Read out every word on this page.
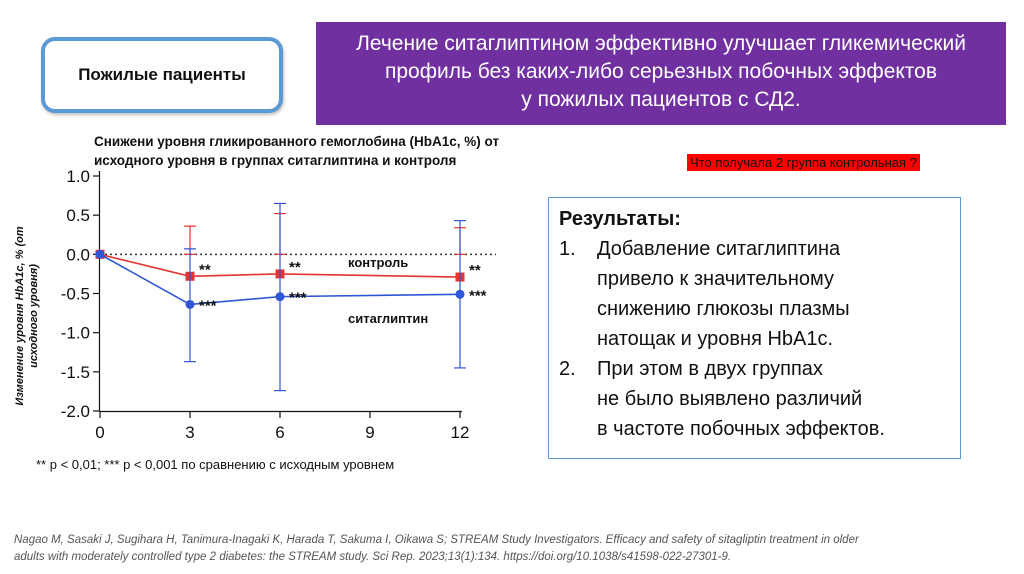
Пожилые пациенты
Лечение ситаглиптином эффективно улучшает гликемический
профиль без каких-либо серьезных побочных эффектов
у пожилых пациентов с СД2.
Снижени уровня гликированного гемоглобина (HbA1c, %) от
исходного уровня в группах ситаглиптина и контроля	Что получала 2 группа контрольная ?
Изменение уровня HbA1c, % (от исходного уровня)
1.0
0.5
0.0
-0.5
-1.0
-1.5
-2.0
0	3	6	9	12
**	**	**
***	***	***
контроль
ситаглиптин
Результаты:
1.	Добавление ситаглиптина
привело к значительному
снижению глюкозы плазмы
натощак и уровня HbA1c.
2.	При этом в двух группах
не было выявлено различий
в частоте побочных эффектов.
** p < 0,01; *** p < 0,001 по сравнению с исходным уровнем
Nagao M, Sasaki J, Sugihara H, Tanimura-Inagaki K, Harada T, Sakuma I, Oikawa S; STREAM Study Investigators. Efficacy and safety of sitagliptin treatment in older
adults with moderately controlled type 2 diabetes: the STREAM study. Sci Rep. 2023;13(1):134. https://doi.org/10.1038/s41598-022-27301-9.
